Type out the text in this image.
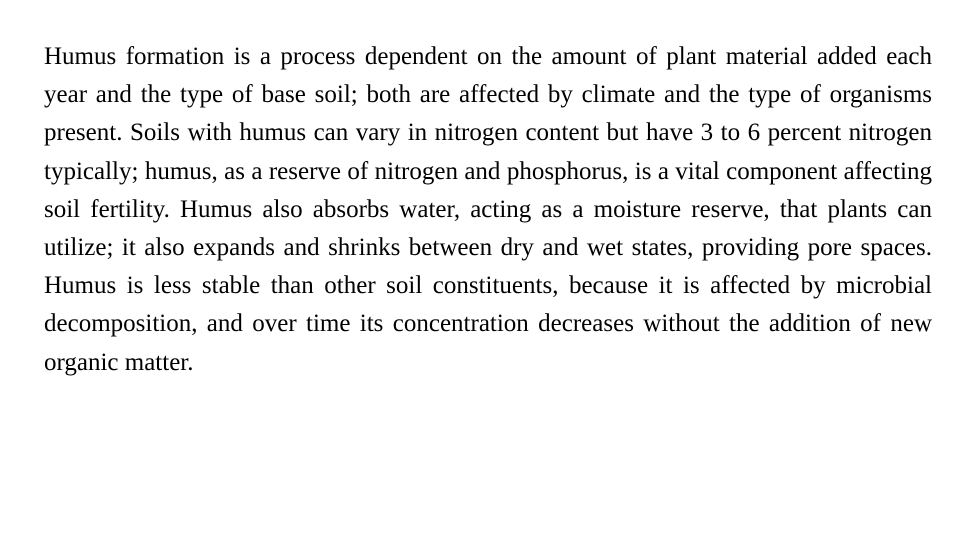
Humus formation is a process dependent on the amount of plant material added each year and the type of base soil; both are affected by climate and the type of organisms present. Soils with humus can vary in nitrogen content but have 3 to 6 percent nitrogen typically; humus, as a reserve of nitrogen and phosphorus, is a vital component affecting soil fertility. Humus also absorbs water, acting as a moisture reserve, that plants can utilize; it also expands and shrinks between dry and wet states, providing pore spaces. Humus is less stable than other soil constituents, because it is affected by microbial decomposition, and over time its concentration decreases without the addition of new organic matter.
